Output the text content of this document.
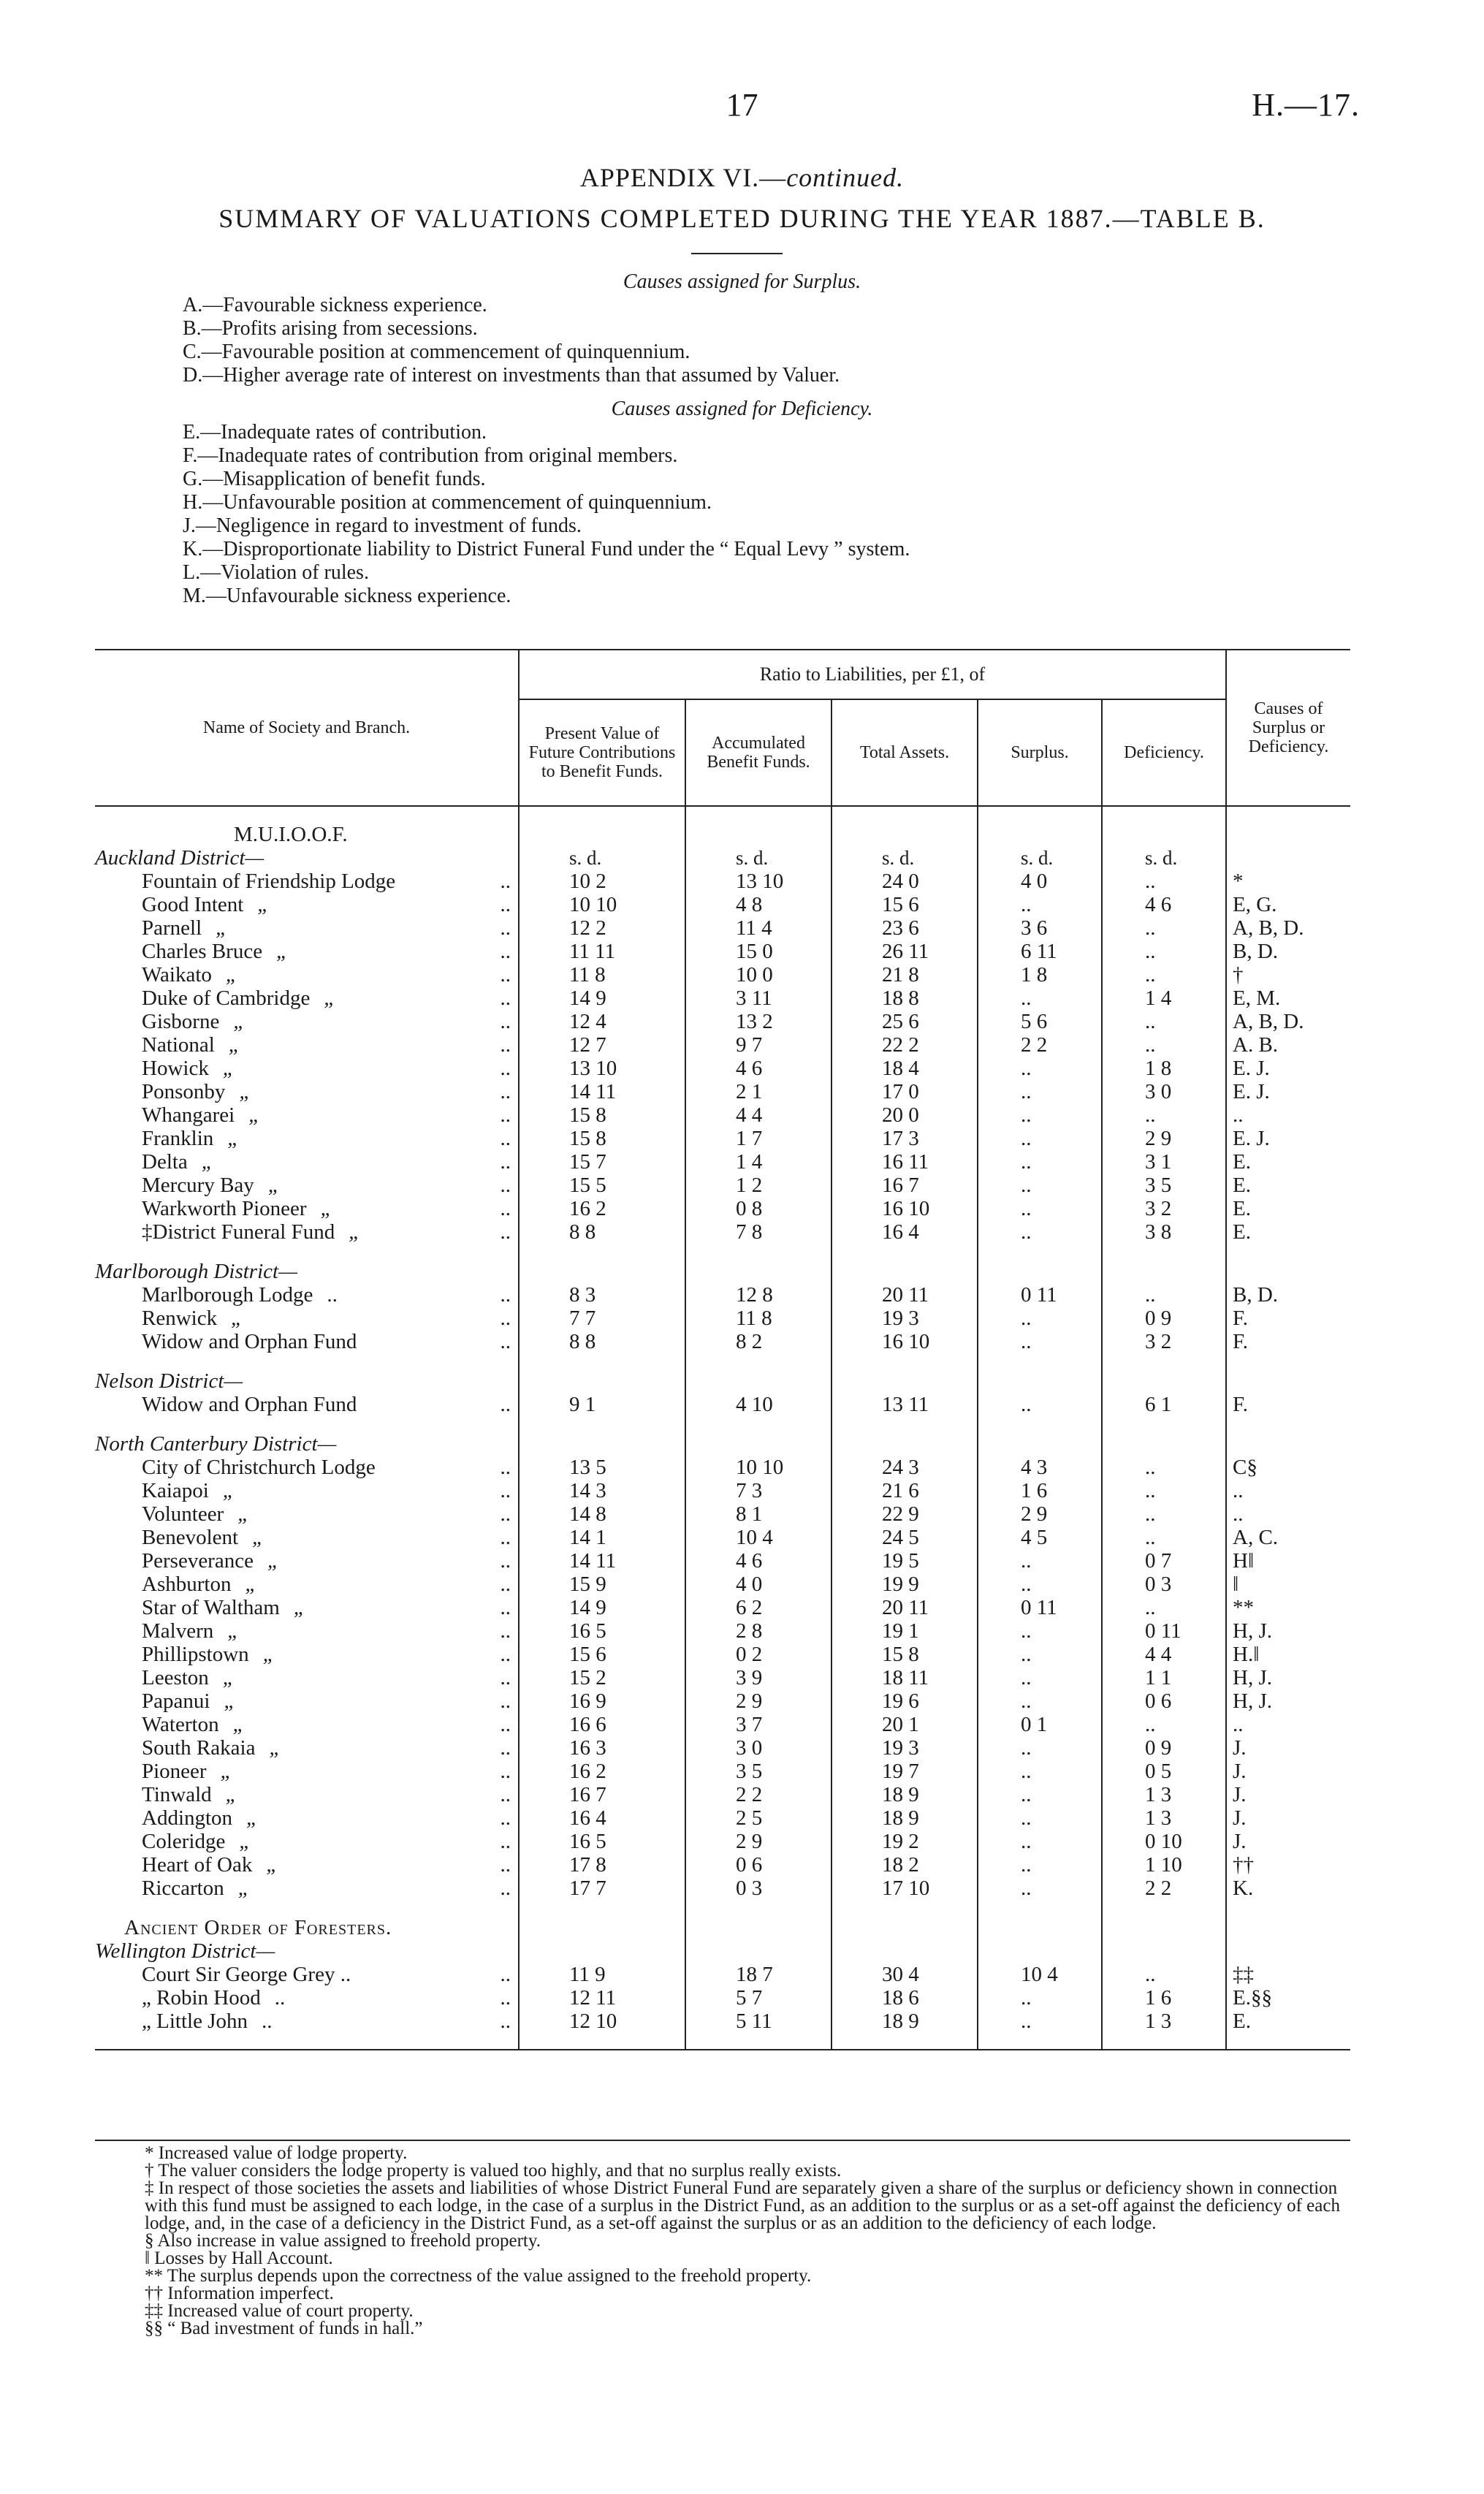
17	H.—17.
APPENDIX VI.—continued.
SUMMARY OF VALUATIONS COMPLETED DURING THE YEAR 1887.—TABLE B.
Causes assigned for Surplus.
A.—Favourable sickness experience.
B.—Profits arising from secessions.
C.—Favourable position at commencement of quinquennium.
D.—Higher average rate of interest on investments than that assumed by Valuer.
Causes assigned for Deficiency.
E.—Inadequate rates of contribution.
F.—Inadequate rates of contribution from original members.
G.—Misapplication of benefit funds.
H.—Unfavourable position at commencement of quinquennium.
J.—Negligence in regard to investment of funds.
K.—Disproportionate liability to District Funeral Fund under the “ Equal Levy ” system.
L.—Violation of rules.
M.—Unfavourable sickness experience.
Name of Society and Branch.	Ratio to Liabilities, per £1, of					Causes of Surplus or Deficiency.
	Present Value of Future Contributions to Benefit Funds.	Accumulated Benefit Funds.	Total Assets.	Surplus.	Deficiency.	

M.U.I.O.O.F.						
Auckland District—	s. d.	s. d.	s. d.	s. d.	s. d.	
Fountain of Friendship Lodge ..	10 2	13 10	24 0	4 0	..	*
Good Intent „ ..	10 10	4 8	15 6	..	4 6	E, G.
Parnell „ ..	12 2	11 4	23 6	3 6	..	A, B, D.
Charles Bruce „ ..	11 11	15 0	26 11	6 11	..	B, D.
Waikato „ ..	11 8	10 0	21 8	1 8	..	†
Duke of Cambridge „ ..	14 9	3 11	18 8	..	1 4	E, M.
Gisborne „ ..	12 4	13 2	25 6	5 6	..	A, B, D.
National „ ..	12 7	9 7	22 2	2 2	..	A. B.
Howick „ ..	13 10	4 6	18 4	..	1 8	E. J.
Ponsonby „ ..	14 11	2 1	17 0	..	3 0	E. J.
Whangarei „ ..	15 8	4 4	20 0	..	..	..
Franklin „ ..	15 8	1 7	17 3	..	2 9	E. J.
Delta „ ..	15 7	1 4	16 11	..	3 1	E.
Mercury Bay „ ..	15 5	1 2	16 7	..	3 5	E.
Warkworth Pioneer „ ..	16 2	0 8	16 10	..	3 2	E.
‡District Funeral Fund „ ..	8 8	7 8	16 4	..	3 8	E.

Marlborough District—						
Marlborough Lodge .. ..	8 3	12 8	20 11	0 11	..	B, D.
Renwick „ ..	7 7	11 8	19 3	..	0 9	F.
Widow and Orphan Fund ..	8 8	8 2	16 10	..	3 2	F.

Nelson District—						
Widow and Orphan Fund ..	9 1	4 10	13 11	..	6 1	F.

North Canterbury District—						
City of Christchurch Lodge ..	13 5	10 10	24 3	4 3	..	C§
Kaiapoi „ ..	14 3	7 3	21 6	1 6	..	..
Volunteer „ ..	14 8	8 1	22 9	2 9	..	..
Benevolent „ ..	14 1	10 4	24 5	4 5	..	A, C.
Perseverance „ ..	14 11	4 6	19 5	..	0 7	H‖
Ashburton „ ..	15 9	4 0	19 9	..	0 3	‖
Star of Waltham „ ..	14 9	6 2	20 11	0 11	..	**
Malvern „ ..	16 5	2 8	19 1	..	0 11	H, J.
Phillipstown „ ..	15 6	0 2	15 8	..	4 4	H.‖
Leeston „ ..	15 2	3 9	18 11	..	1 1	H, J.
Papanui „ ..	16 9	2 9	19 6	..	0 6	H, J.
Waterton „ ..	16 6	3 7	20 1	0 1	..	..
South Rakaia „ ..	16 3	3 0	19 3	..	0 9	J.
Pioneer „ ..	16 2	3 5	19 7	..	0 5	J.
Tinwald „ ..	16 7	2 2	18 9	..	1 3	J.
Addington „ ..	16 4	2 5	18 9	..	1 3	J.
Coleridge „ ..	16 5	2 9	19 2	..	0 10	J.
Heart of Oak „ ..	17 8	0 6	18 2	..	1 10	††
Riccarton „ ..	17 7	0 3	17 10	..	2 2	K.

Ancient Order of Foresters.						
Wellington District—						
Court Sir George Grey .. ..	11 9	18 7	30 4	10 4	..	‡‡
„ Robin Hood .. ..	12 11	5 7	18 6	..	1 6	E.§§
„ Little John .. ..	12 10	5 11	18 9	..	1 3	E.

* Increased value of lodge property.
† The valuer considers the lodge property is valued too highly, and that no surplus really exists.
‡ In respect of those societies the assets and liabilities of whose District Funeral Fund are separately given a share of the surplus or deficiency shown in connection with this fund must be assigned to each lodge, in the case of a surplus in the District Fund, as an addition to the surplus or as a set-off against the deficiency of each lodge, and, in the case of a deficiency in the District Fund, as a set-off against the surplus or as an addition to the deficiency of each lodge.
§ Also increase in value assigned to freehold property.
‖ Losses by Hall Account.
** The surplus depends upon the correctness of the value assigned to the freehold property.
†† Information imperfect.
‡‡ Increased value of court property.
§§ “ Bad investment of funds in hall.”
